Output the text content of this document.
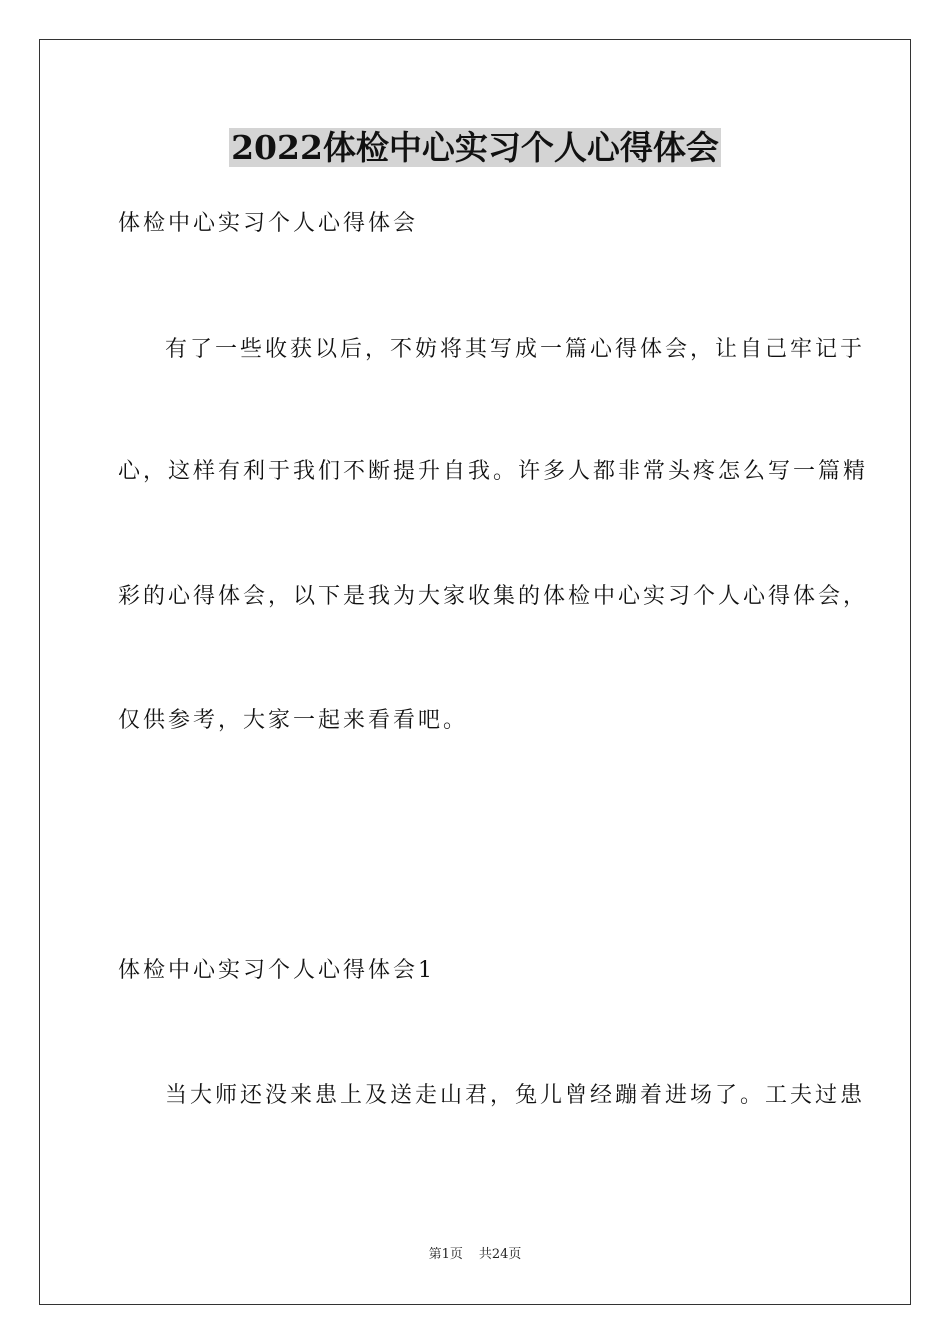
2022体检中心实习个人心得体会
体检中心实习个人心得体会
有了一些收获以后，不妨将其写成一篇心得体会，让自己牢记于
心，这样有利于我们不断提升自我。许多人都非常头疼怎么写一篇精
彩的心得体会，以下是我为大家收集的体检中心实习个人心得体会，
仅供参考，大家一起来看看吧。
体检中心实习个人心得体会1
当大师还没来患上及送走山君，兔儿曾经蹦着进场了。工夫过患
第1页 共24页
